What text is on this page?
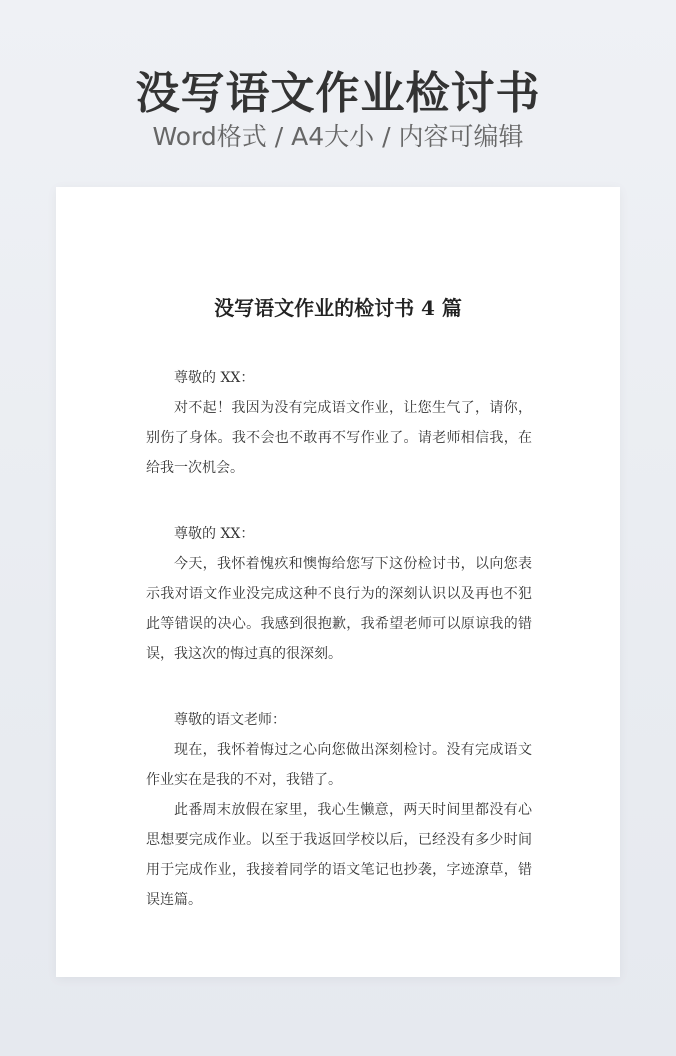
没写语文作业检讨书
Word格式 / A4大小 / 内容可编辑
没写语文作业的检讨书 4 篇

尊敬的 XX：

对不起！我因为没有完成语文作业，让您生气了，请你，别伤了身体。我不会也不敢再不写作业了。请老师相信我，在给我一次机会。

尊敬的 XX：

今天，我怀着愧疚和懊悔给您写下这份检讨书，以向您表示我对语文作业没完成这种不良行为的深刻认识以及再也不犯此等错误的决心。我感到很抱歉，我希望老师可以原谅我的错误，我这次的悔过真的很深刻。

尊敬的语文老师：

现在，我怀着悔过之心向您做出深刻检讨。没有完成语文作业实在是我的不对，我错了。

此番周末放假在家里，我心生懒意，两天时间里都没有心思想要完成作业。以至于我返回学校以后，已经没有多少时间用于完成作业，我接着同学的语文笔记也抄袭，字迹潦草，错误连篇。
